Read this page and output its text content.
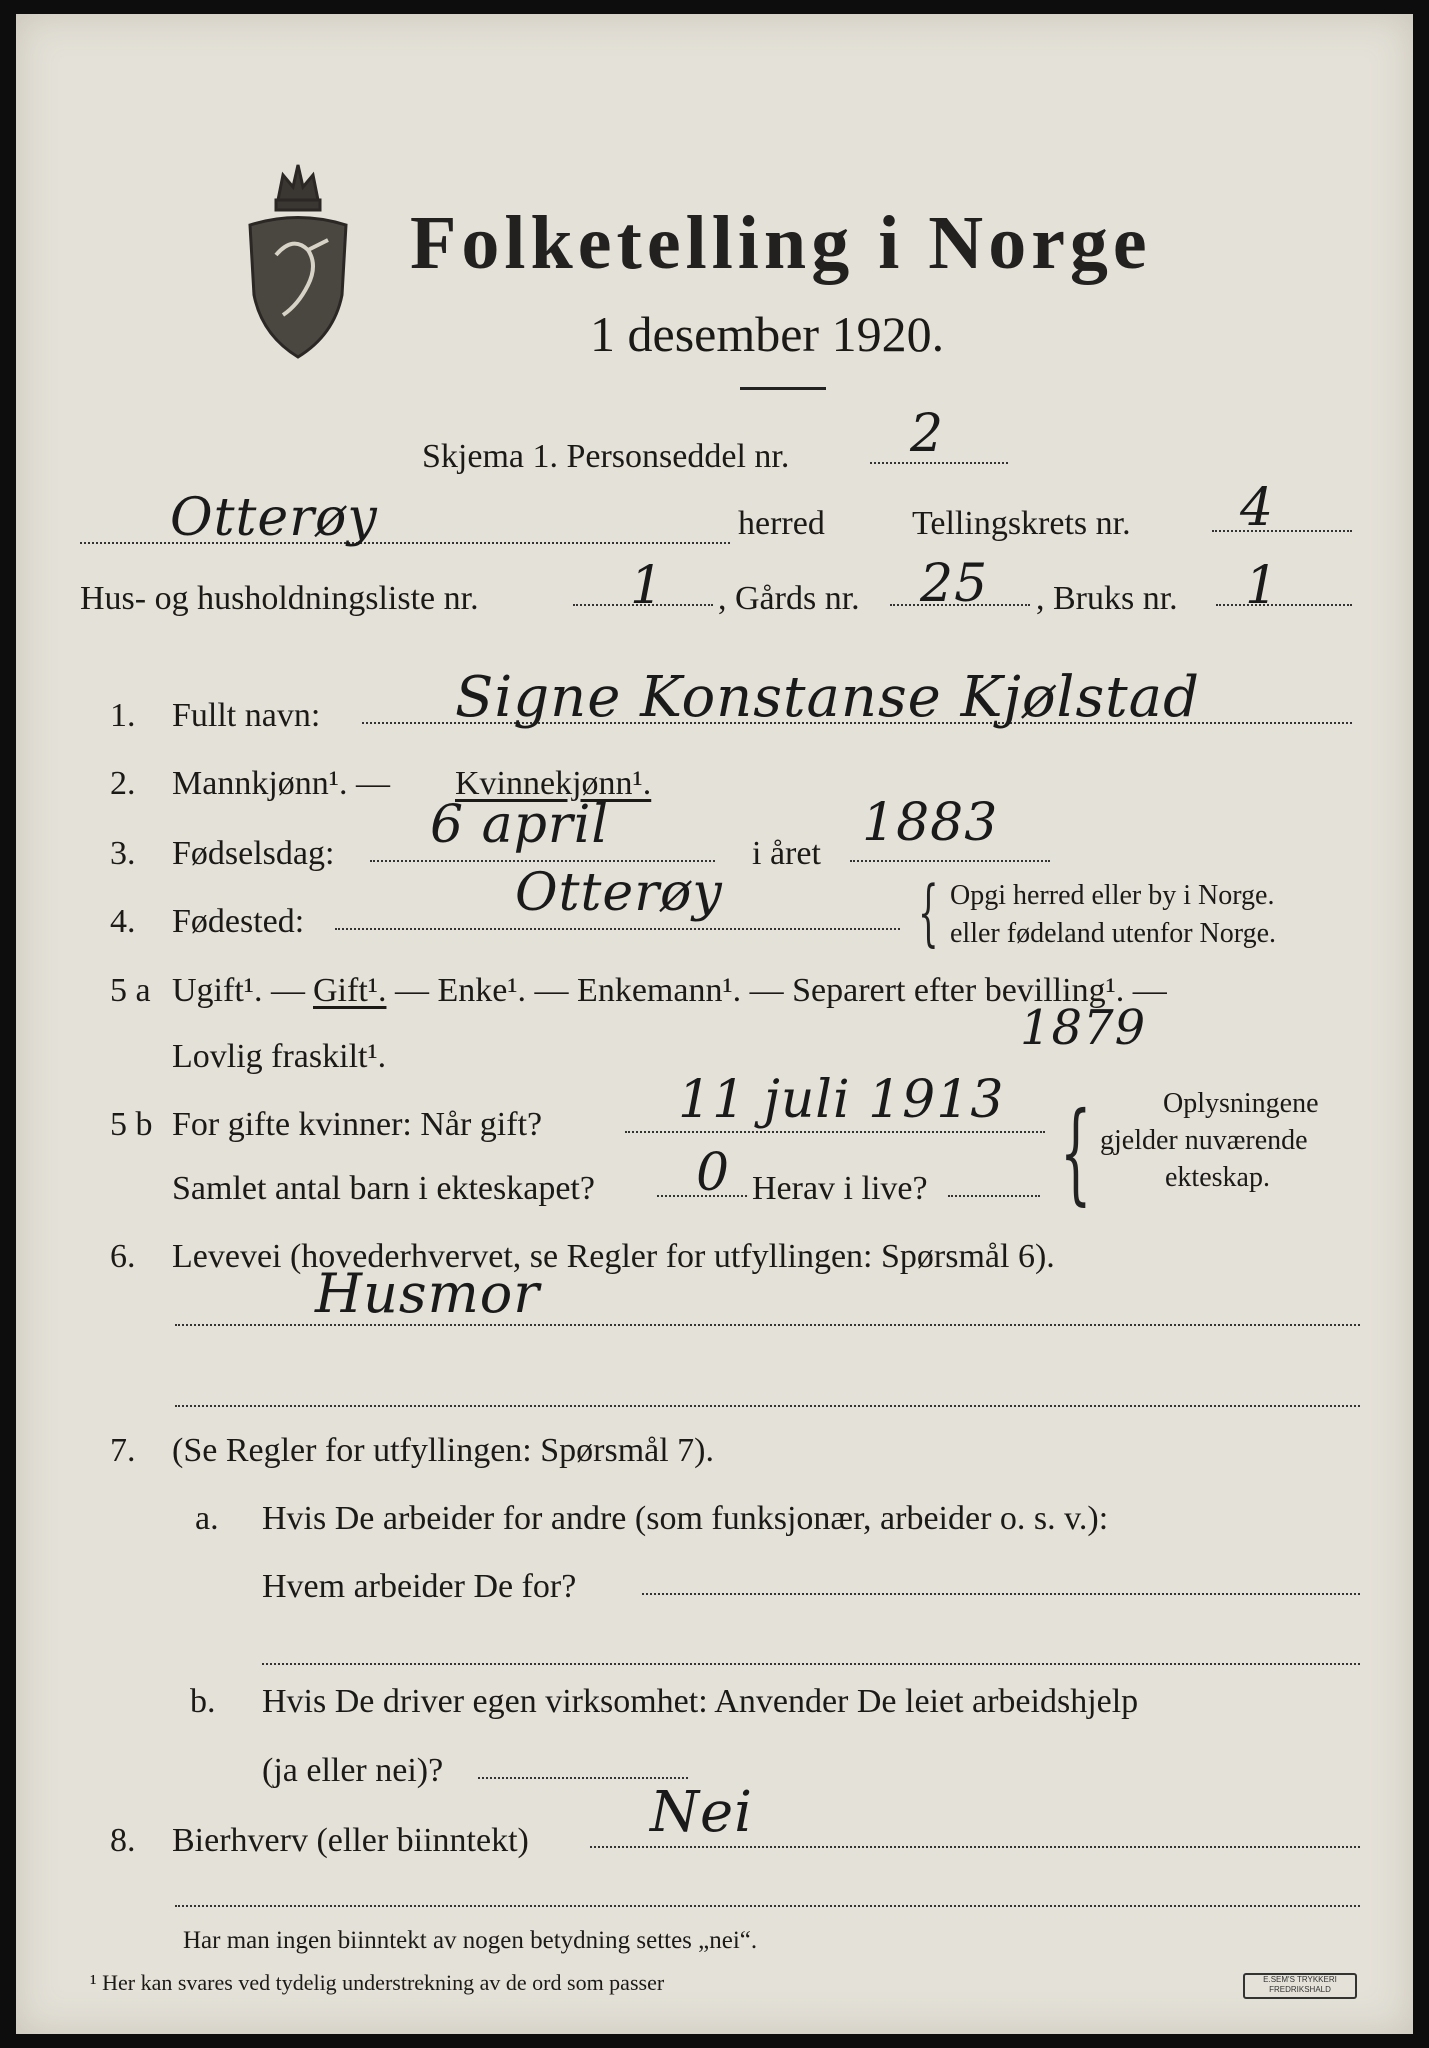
Folketelling i Norge
1 desember 1920.
Skjema 1. Personseddel nr. 2
Otterøy	herred	Tellingskrets nr. 4
Hus- og husholdningsliste nr.	1 , Gårds nr. 25 , Bruks nr. 1
1. Fullt navn: Signe Konstanse Kjølstad
2. Mannkjønn¹. — Kvinnekjønn¹.
3. Fødselsdag: 6 april	i året
1883
4. Fødested:	Otterøy	{ Opgi herred eller by i Norge.
eller fødeland utenfor Norge.
5 a Ugift¹. — Gift¹. — Enke¹. — Enkemann¹. — Separert efter bevilling¹. —
1879
Lovlig fraskilt¹.
5 b For gifte kvinner: Når gift?	11 juli 1913
Samlet antal barn i ekteskapet? 0 Herav i live? {	Oplysningene
gjelder nuværende
ekteskap.
6. Levevei (hovederhvervet, se Regler for utfyllingen: Spørsmål 6).
Husmor
7. (Se Regler for utfyllingen: Spørsmål 7).
a. Hvis De arbeider for andre (som funksjonær, arbeider o. s. v.):
Hvem arbeider De for?
b. Hvis De driver egen virksomhet: Anvender De leiet arbeidshjelp
(ja eller nei)?
8. Bierhverv (eller biinntekt) Nei
Har man ingen biinntekt av nogen betydning settes „nei“.
¹ Her kan svares ved tydelig understrekning av de ord som passer	E.SEM'S TRYKKERI
FREDRIKSHALD
